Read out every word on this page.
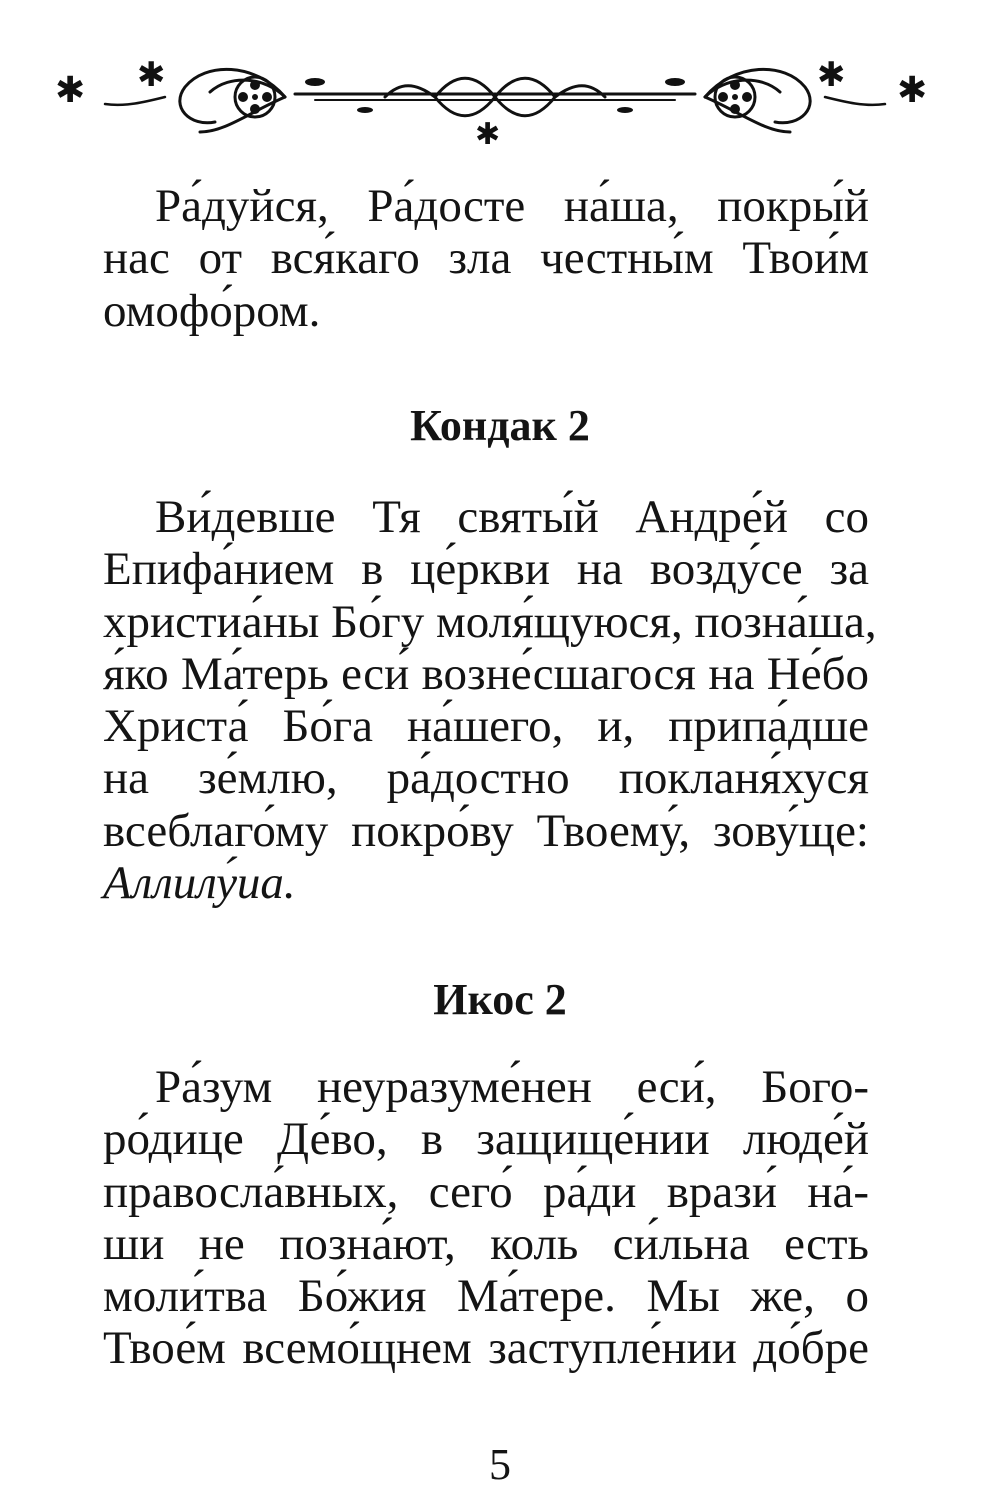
✱ ✱
✱
✱ ✱
Ра́дуйся, Ра́досте на́ша, покры́й
нас от вся́каго зла честны́м Твои́м
омофо́ром.
Кондак 2
Ви́девше Тя святы́й Андре́й со
Епифа́нием в це́ркви на возду́се за
христиа́ны Бо́гу моля́щуюся, позна́ша,
я́ко Ма́терь еси́ возне́сшагося на Не́бо
Христа́ Бо́га на́шего, и, припа́дше
на зе́млю, ра́достно покланя́хуся
всеблаго́му покро́ву Твоему́, зову́ще:
Аллилу́иа.
Икос 2
Ра́зум неуразуме́нен еси́, Бого-
ро́дице Де́во, в защище́нии люде́й
правосла́вных, сего́ ра́ди врази́ на́-
ши не позна́ют, коль си́льна есть
моли́тва Бо́жия Ма́тере. Мы же, о
Твое́м всемо́щнем заступле́нии до́бре
5
